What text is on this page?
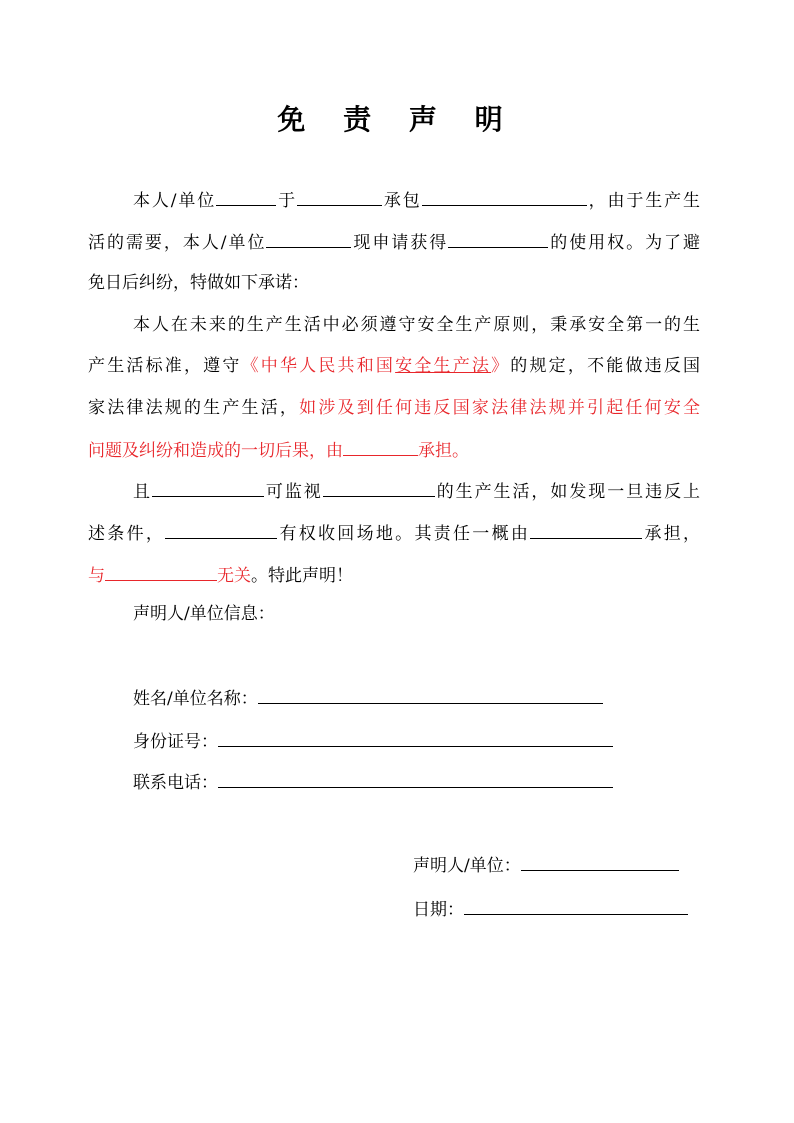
免 责 声 明
本人/单位	于	承包	，由于生产生
活的需要，本人/单位	现申请获得	的使用权。为了避
免日后纠纷，特做如下承诺：
本人在未来的生产生活中必须遵守安全生产原则，秉承安全第一的生
产生活标准，遵守《中华人民共和国安全生产法》的规定，不能做违反国
家法律法规的生产生活，如涉及到任何违反国家法律法规并引起任何安全
问题及纠纷和造成的一切后果，由	承担。
且	可监视	的生产生活，如发现一旦违反上
述条件，	有权收回场地。其责任一概由	承担，
与	无关。特此声明！
声明人/单位信息：
姓名/单位名称：
身份证号：
联系电话：
声明人/单位：
日期：
